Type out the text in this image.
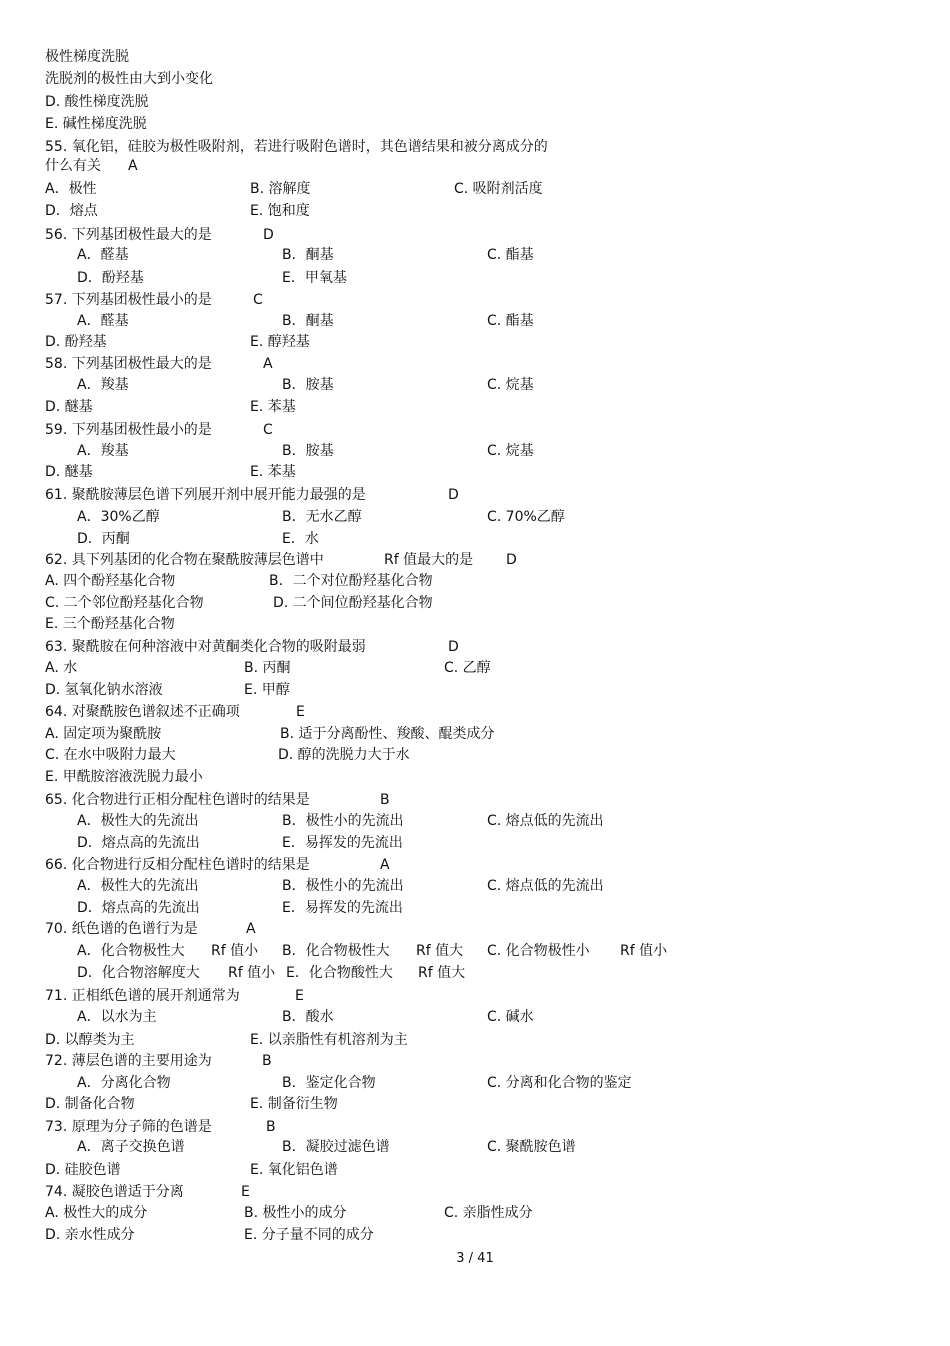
极性梯度洗脱
洗脱剂的极性由大到小变化
D. 酸性梯度洗脱
E. 碱性梯度洗脱
55. 氧化铝，硅胶为极性吸附剂，若进行吸附色谱时，其色谱结果和被分离成分的
什么有关 A
A．极性	B. 溶解度	C. 吸附剂活度
D．熔点	E. 饱和度
56. 下列基团极性最大的是	D
A．醛基	B．酮基	C. 酯基
D．酚羟基	E．甲氧基
57. 下列基团极性最小的是	C
A．醛基	B．酮基	C. 酯基
D. 酚羟基	E. 醇羟基
58. 下列基团极性最大的是	A
A．羧基	B．胺基	C. 烷基
D. 醚基	E. 苯基
59. 下列基团极性最小的是	C
A．羧基	B．胺基	C. 烷基
D. 醚基	E. 苯基
61. 聚酰胺薄层色谱下列展开剂中展开能力最强的是	D
A．30%乙醇	B．无水乙醇	C. 70%乙醇
D．丙酮	E．水
62. 具下列基团的化合物在聚酰胺薄层色谱中	Rf 值最大的是 D
A. 四个酚羟基化合物	B．二个对位酚羟基化合物
C. 二个邻位酚羟基化合物	D. 二个间位酚羟基化合物
E. 三个酚羟基化合物
63. 聚酰胺在何种溶液中对黄酮类化合物的吸附最弱	D
A. 水	B. 丙酮	C. 乙醇
D. 氢氧化钠水溶液	E. 甲醇
64. 对聚酰胺色谱叙述不正确项	E
A. 固定项为聚酰胺	B. 适于分离酚性、羧酸、醌类成分
C. 在水中吸附力最大	D. 醇的洗脱力大于水
E. 甲酰胺溶液洗脱力最小
65. 化合物进行正相分配柱色谱时的结果是	B
A．极性大的先流出	B．极性小的先流出	C. 熔点低的先流出
D．熔点高的先流出	E．易挥发的先流出
66. 化合物进行反相分配柱色谱时的结果是	A
A．极性大的先流出	B．极性小的先流出	C. 熔点低的先流出
D．熔点高的先流出	E．易挥发的先流出
70. 纸色谱的色谱行为是	A
A．化合物极性大 Rf 值小 B．化合物极性大 Rf 值大 C. 化合物极性小 Rf 值小
D．化合物溶解度大 Rf 值小 E．化合物酸性大 Rf 值大
71. 正相纸色谱的展开剂通常为	E
A．以水为主	B．酸水	C. 碱水
D. 以醇类为主	E. 以亲脂性有机溶剂为主
72. 薄层色谱的主要用途为	B
A．分离化合物	B．鉴定化合物	C. 分离和化合物的鉴定
D. 制备化合物	E. 制备衍生物
73. 原理为分子筛的色谱是	B
A．离子交换色谱	B．凝胶过滤色谱	C. 聚酰胺色谱
D. 硅胶色谱	E. 氧化铝色谱
74. 凝胶色谱适于分离	E
A. 极性大的成分	B. 极性小的成分	C. 亲脂性成分
D. 亲水性成分	E. 分子量不同的成分
3 / 41
